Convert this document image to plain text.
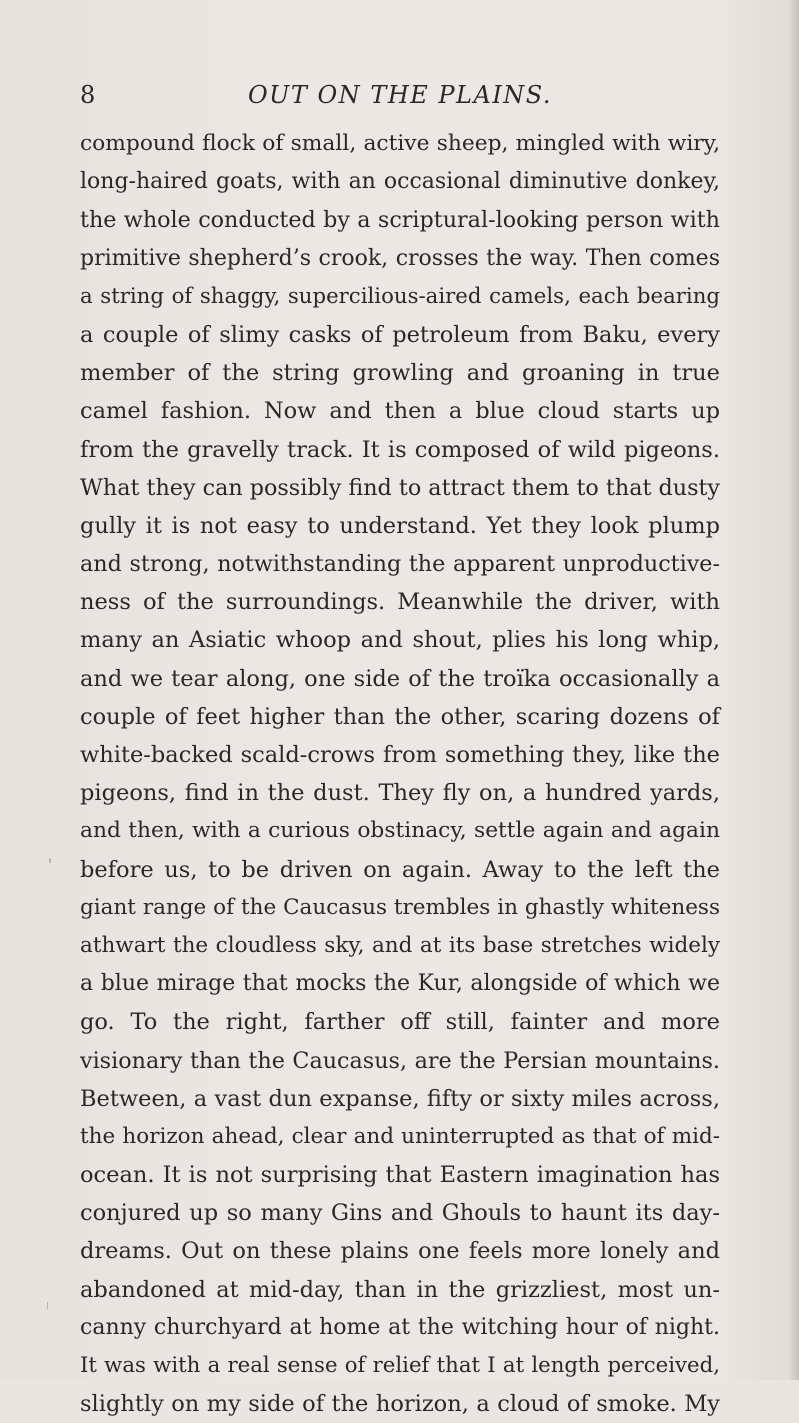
8	OUT ON THE PLAINS.
compound flock of small, active sheep, mingled with wiry,
long-haired goats, with an occasional diminutive donkey,
the whole conducted by a scriptural-looking person with
primitive shepherd’s crook, crosses the way. Then comes
a string of shaggy, supercilious-aired camels, each bearing
a couple of slimy casks of petroleum from Baku, every
member of the string growling and groaning in true
camel fashion. Now and then a blue cloud starts up
from the gravelly track. It is composed of wild pigeons.
What they can possibly find to attract them to that dusty
gully it is not easy to understand. Yet they look plump
and strong, notwithstanding the apparent unproductive-
ness of the surroundings. Meanwhile the driver, with
many an Asiatic whoop and shout, plies his long whip,
and we tear along, one side of the troïka occasionally a
couple of feet higher than the other, scaring dozens of
white-backed scald-crows from something they, like the
pigeons, find in the dust. They fly on, a hundred yards,
and then, with a curious obstinacy, settle again and again
before us, to be driven on again. Away to the left the
giant range of the Caucasus trembles in ghastly whiteness
athwart the cloudless sky, and at its base stretches widely
a blue mirage that mocks the Kur, alongside of which we
go. To the right, farther off still, fainter and more
visionary than the Caucasus, are the Persian mountains.
Between, a vast dun expanse, fifty or sixty miles across,
the horizon ahead, clear and uninterrupted as that of mid-
ocean. It is not surprising that Eastern imagination has
conjured up so many Gins and Ghouls to haunt its day-
dreams. Out on these plains one feels more lonely and
abandoned at mid-day, than in the grizzliest, most un-
canny churchyard at home at the witching hour of night.
It was with a real sense of relief that I at length perceived,
slightly on my side of the horizon, a cloud of smoke. My
